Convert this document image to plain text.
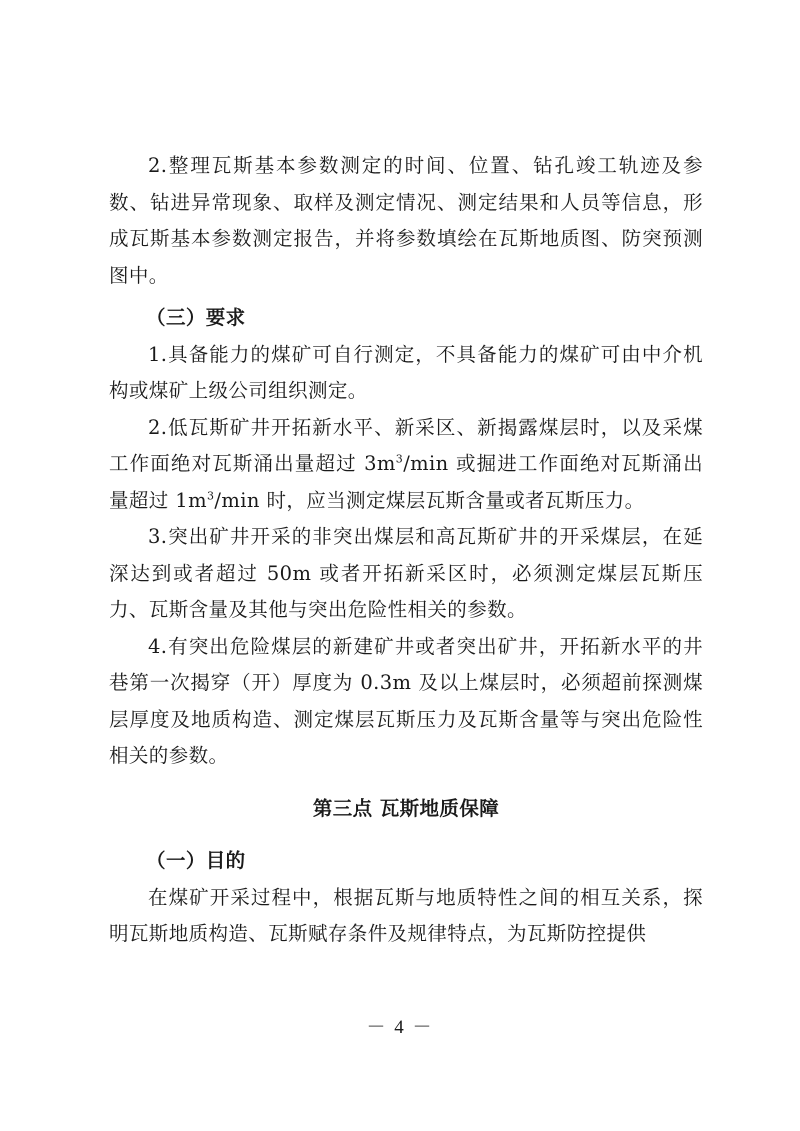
2.整理瓦斯基本参数测定的时间、位置、钻孔竣工轨迹及参数、钻进异常现象、取样及测定情况、测定结果和人员等信息，形成瓦斯基本参数测定报告，并将参数填绘在瓦斯地质图、防突预测图中。

（三）要求

1.具备能力的煤矿可自行测定，不具备能力的煤矿可由中介机构或煤矿上级公司组织测定。

2.低瓦斯矿井开拓新水平、新采区、新揭露煤层时，以及采煤工作面绝对瓦斯涌出量超过 $3m^3/\min$ 或掘进工作面绝对瓦斯涌出量超过 $1m^3/\min$ 时，应当测定煤层瓦斯含量或者瓦斯压力。

3.突出矿井开采的非突出煤层和高瓦斯矿井的开采煤层，在延深达到或者超过 50m 或者开拓新采区时，必须测定煤层瓦斯压力、瓦斯含量及其他与突出危险性相关的参数。

4.有突出危险煤层的新建矿井或者突出矿井，开拓新水平的井巷第一次揭穿（开）厚度为 0.3m 及以上煤层时，必须超前探测煤层厚度及地质构造、测定煤层瓦斯压力及瓦斯含量等与突出危险性相关的参数。

第三点 瓦斯地质保障

（一）目的

在煤矿开采过程中，根据瓦斯与地质特性之间的相互关系，探明瓦斯地质构造、瓦斯赋存条件及规律特点，为瓦斯防控提供

－ 4 －
